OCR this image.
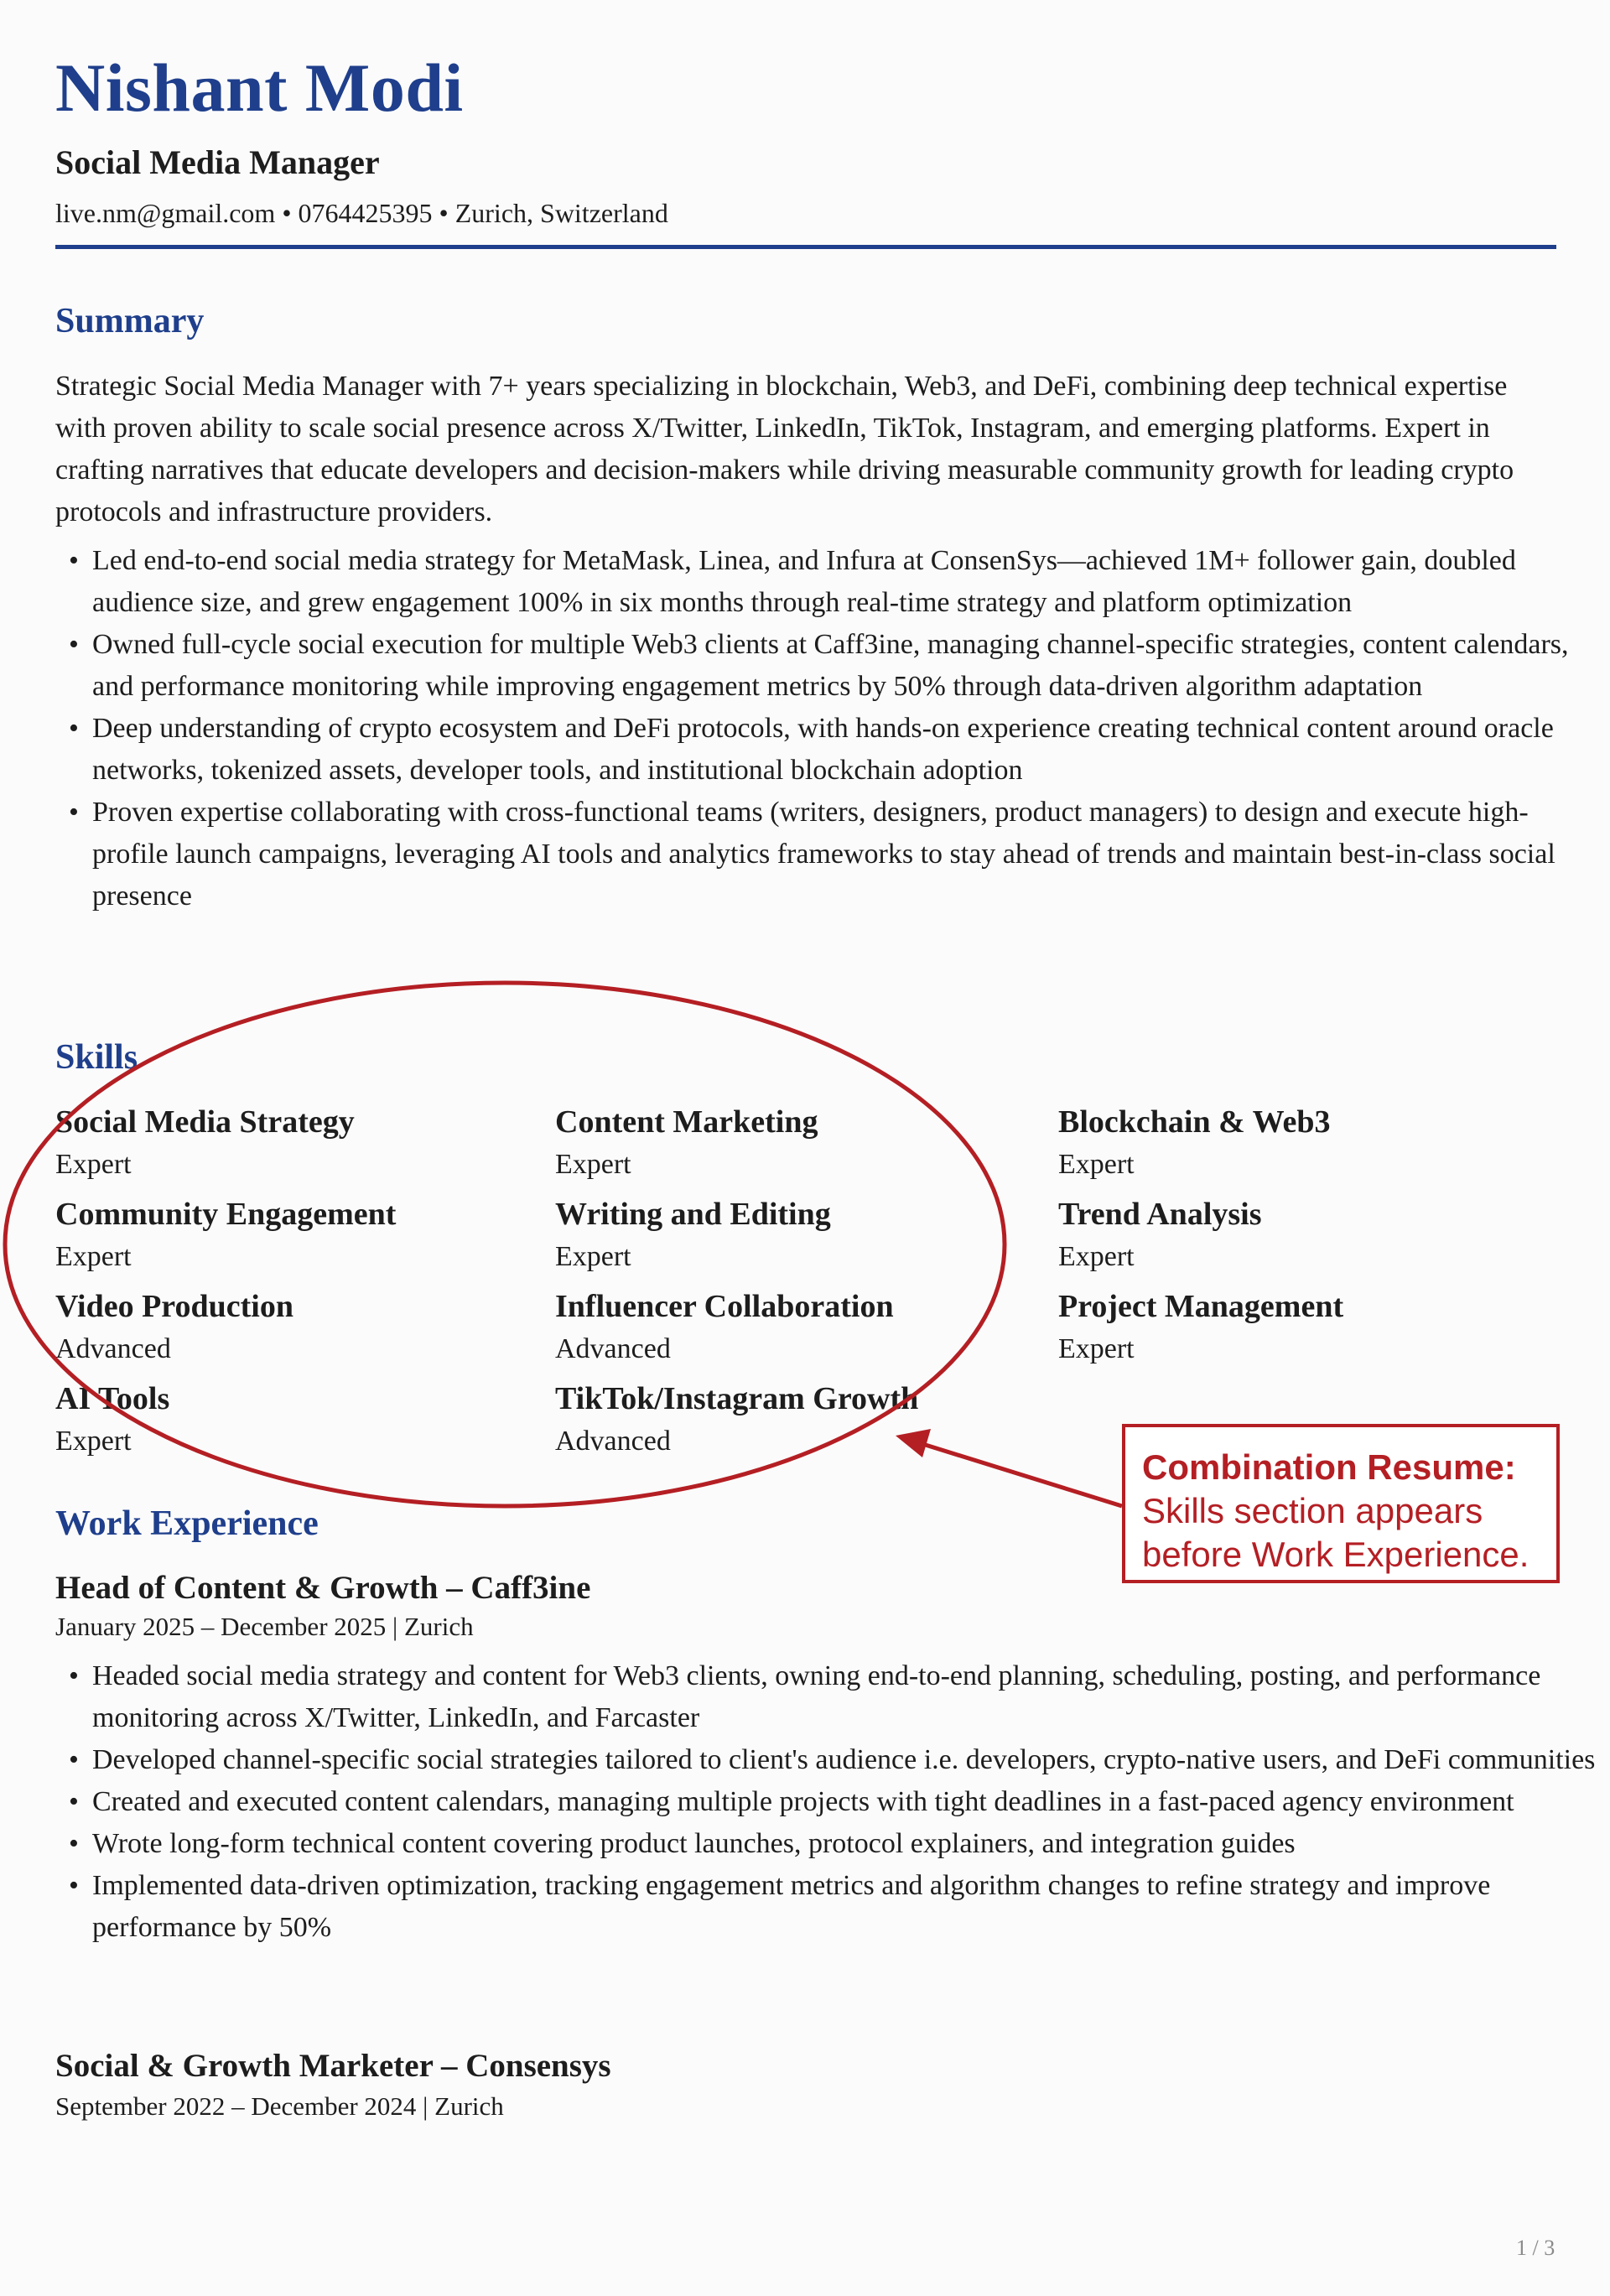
Nishant Modi
Social Media Manager
live.nm@gmail.com • 0764425395 • Zurich, Switzerland
Summary
Strategic Social Media Manager with 7+ years specializing in blockchain, Web3, and DeFi, combining deep technical expertise with proven ability to scale social presence across X/Twitter, LinkedIn, TikTok, Instagram, and emerging platforms. Expert in crafting narratives that educate developers and decision-makers while driving measurable community growth for leading crypto protocols and infrastructure providers.
• Led end-to-end social media strategy for MetaMask, Linea, and Infura at ConsenSys—achieved 1M+ follower gain, doubled audience size, and grew engagement 100% in six months through real-time strategy and platform optimization
• Owned full-cycle social execution for multiple Web3 clients at Caff3ine, managing channel-specific strategies, content calendars, and performance monitoring while improving engagement metrics by 50% through data-driven algorithm adaptation
• Deep understanding of crypto ecosystem and DeFi protocols, with hands-on experience creating technical content around oracle networks, tokenized assets, developer tools, and institutional blockchain adoption
• Proven expertise collaborating with cross-functional teams (writers, designers, product managers) to design and execute high-profile launch campaigns, leveraging AI tools and analytics frameworks to stay ahead of trends and maintain best-in-class social presence
Skills
Social Media Strategy
Expert
Content Marketing
Expert
Blockchain & Web3
Expert
Community Engagement
Expert
Writing and Editing
Expert
Trend Analysis
Expert
Video Production
Advanced
Influencer Collaboration
Advanced
Project Management
Expert
AI Tools
Expert
TikTok/Instagram Growth
Advanced
Work Experience
Head of Content & Growth – Caff3ine
January 2025 – December 2025 | Zurich
• Headed social media strategy and content for Web3 clients, owning end-to-end planning, scheduling, posting, and performance monitoring across X/Twitter, LinkedIn, and Farcaster
• Developed channel-specific social strategies tailored to client's audience i.e. developers, crypto-native users, and DeFi communities
• Created and executed content calendars, managing multiple projects with tight deadlines in a fast-paced agency environment
• Wrote long-form technical content covering product launches, protocol explainers, and integration guides
• Implemented data-driven optimization, tracking engagement metrics and algorithm changes to refine strategy and improve performance by 50%
Social & Growth Marketer – Consensys
September 2022 – December 2024 | Zurich
1 / 3
Combination Resume:
Skills section appears
before Work Experience.
